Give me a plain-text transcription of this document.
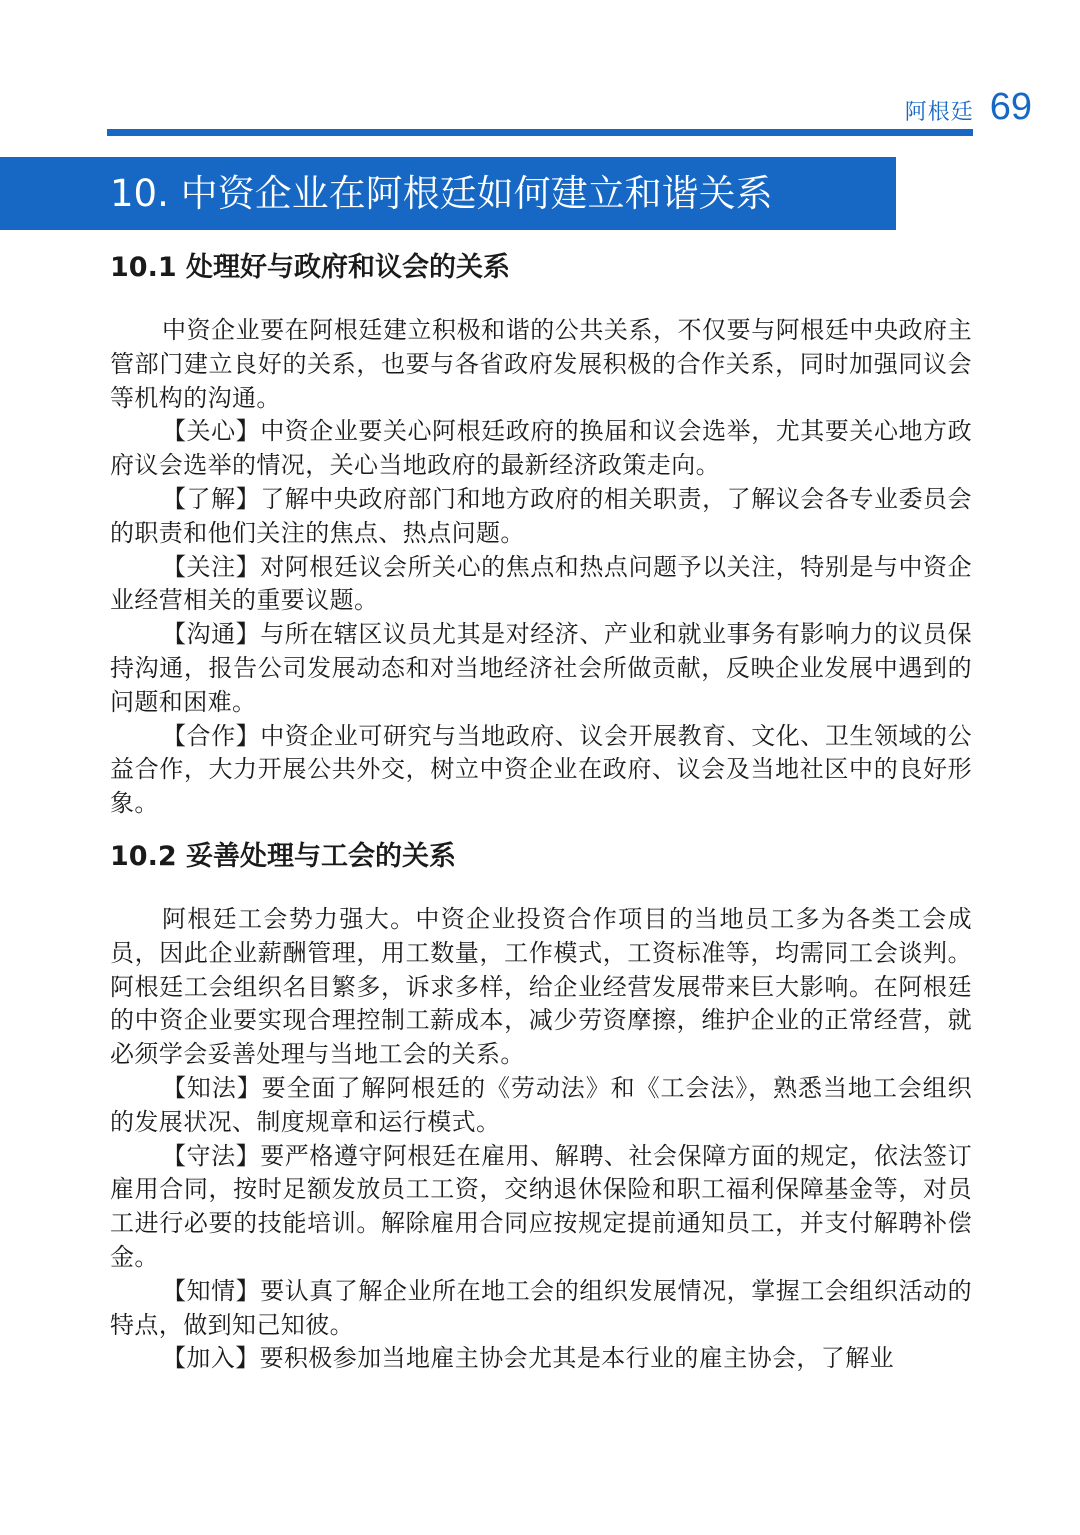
阿根廷 69
10. 中资企业在阿根廷如何建立和谐关系
10.1 处理好与政府和议会的关系

中资企业要在阿根廷建立积极和谐的公共关系，不仅要与阿根廷中央政府主管部门建立良好的关系，也要与各省政府发展积极的合作关系，同时加强同议会等机构的沟通。

【关心】中资企业要关心阿根廷政府的换届和议会选举，尤其要关心地方政府议会选举的情况，关心当地政府的最新经济政策走向。

【了解】了解中央政府部门和地方政府的相关职责，了解议会各专业委员会的职责和他们关注的焦点、热点问题。

【关注】对阿根廷议会所关心的焦点和热点问题予以关注，特别是与中资企业经营相关的重要议题。

【沟通】与所在辖区议员尤其是对经济、产业和就业事务有影响力的议员保持沟通，报告公司发展动态和对当地经济社会所做贡献，反映企业发展中遇到的问题和困难。

【合作】中资企业可研究与当地政府、议会开展教育、文化、卫生领域的公益合作，大力开展公共外交，树立中资企业在政府、议会及当地社区中的良好形象。

10.2 妥善处理与工会的关系

阿根廷工会势力强大。中资企业投资合作项目的当地员工多为各类工会成员，因此企业薪酬管理，用工数量，工作模式，工资标准等，均需同工会谈判。阿根廷工会组织名目繁多，诉求多样，给企业经营发展带来巨大影响。在阿根廷的中资企业要实现合理控制工薪成本，减少劳资摩擦，维护企业的正常经营，就必须学会妥善处理与当地工会的关系。

【知法】要全面了解阿根廷的《劳动法》和《工会法》，熟悉当地工会组织的发展状况、制度规章和运行模式。

【守法】要严格遵守阿根廷在雇用、解聘、社会保障方面的规定，依法签订雇用合同，按时足额发放员工工资，交纳退休保险和职工福利保障基金等，对员工进行必要的技能培训。解除雇用合同应按规定提前通知员工，并支付解聘补偿金。

【知情】要认真了解企业所在地工会的组织发展情况，掌握工会组织活动的特点，做到知己知彼。

【加入】要积极参加当地雇主协会尤其是本行业的雇主协会，了解业
